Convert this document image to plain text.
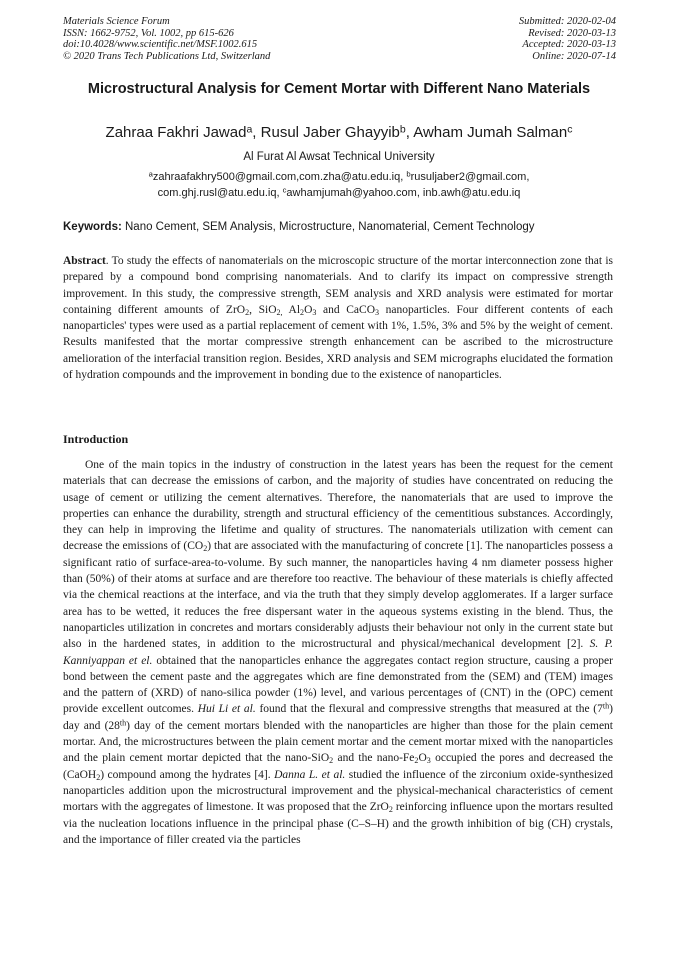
Materials Science Forum
ISSN: 1662-9752, Vol. 1002, pp 615-626
doi:10.4028/www.scientific.net/MSF.1002.615
© 2020 Trans Tech Publications Ltd, Switzerland
Submitted: 2020-02-04
Revised: 2020-03-13
Accepted: 2020-03-13
Online: 2020-07-14
Microstructural Analysis for Cement Mortar with Different Nano Materials
Zahraa Fakhri Jawad$^a$, Rusul Jaber Ghayyib$^b$, Awham Jumah Salman$^c$
Al Furat Al Awsat Technical University
$^a$zahraafakhry500@gmail.com,com.zha@atu.edu.iq, $^b$rusuljaber2@gmail.com,
com.ghj.rusl@atu.edu.iq, $^c$awhamjumah@yahoo.com, inb.awh@atu.edu.iq
Keywords: Nano Cement, SEM Analysis, Microstructure, Nanomaterial, Cement Technology
Abstract. To study the effects of nanomaterials on the microscopic structure of the mortar interconnection zone that is prepared by a compound bond comprising nanomaterials. And to clarify its impact on compressive strength improvement. In this study, the compressive strength, SEM analysis and XRD analysis were estimated for mortar containing different amounts of ZrO$_2$, SiO$_{2,}$ $Al_2O_3$ and CaCO$_3$ nanoparticles. Four different contents of each nanoparticles' types were used as a partial replacement of cement with 1%, 1.5%, 3% and 5% by the weight of cement. Results manifested that the mortar compressive strength enhancement can be ascribed to the microstructure amelioration of the interfacial transition region. Besides, XRD analysis and SEM micrographs elucidated the formation of hydration compounds and the improvement in bonding due to the existence of nanoparticles.
Introduction
One of the main topics in the industry of construction in the latest years has been the request for the cement materials that can decrease the emissions of carbon, and the majority of studies have concentrated on reducing the usage of cement or utilizing the cement alternatives. Therefore, the nanomaterials that are used to improve the properties can enhance the durability, strength and structural efficiency of the cementitious substances. Accordingly, they can help in improving the lifetime and quality of structures. The nanomaterials utilization with cement can decrease the emissions of $(CO_2)$ that are associated with the manufacturing of concrete [1]. The nanoparticles possess a significant ratio of surface-area-to-volume. By such manner, the nanoparticles having 4 nm diameter possess higher than (50%) of their atoms at surface and are therefore too reactive. The behaviour of these materials is chiefly affected via the chemical reactions at the interface, and via the truth that they simply develop agglomerates. If a larger surface area has to be wetted, it reduces the free dispersant water in the aqueous systems existing in the blend. Thus, the nanoparticles utilization in concretes and mortars considerably adjusts their behaviour not only in the current state but also in the hardened states, in addition to the microstructural and physical/mechanical development [2]. S. P. Kanniyappan et el. obtained that the nanoparticles enhance the aggregates contact region structure, causing a proper bond between the cement paste and the aggregates which are fine demonstrated from the (SEM) and (TEM) images and the pattern of (XRD) of nano-silica powder (1%) level, and various percentages of (CNT) in the (OPC) cement provide excellent outcomes. Hui Li et al. found that the flexural and compressive strengths that measured at the (7th) day and (28th) day of the cement mortars blended with the nanoparticles are higher than those for the plain cement mortar. And, the microstructures between the plain cement mortar and the cement mortar mixed with the nanoparticles and the plain cement mortar depicted that the nano-SiO$_2$ and the nano-$Fe_2O_3$ occupied the pores and decreased the (CaOH$_2$) compound among the hydrates [4]. Danna L. et al. studied the influence of the zirconium oxide-synthesized nanoparticles addition upon the microstructural improvement and the physical-mechanical characteristics of cement mortars with the aggregates of limestone. It was proposed that the ZrO$_2$ reinforcing influence upon the mortars resulted via the nucleation locations influence in the principal phase (C–S–H) and the growth inhibition of big (CH) crystals, and the importance of filler created via the particles
